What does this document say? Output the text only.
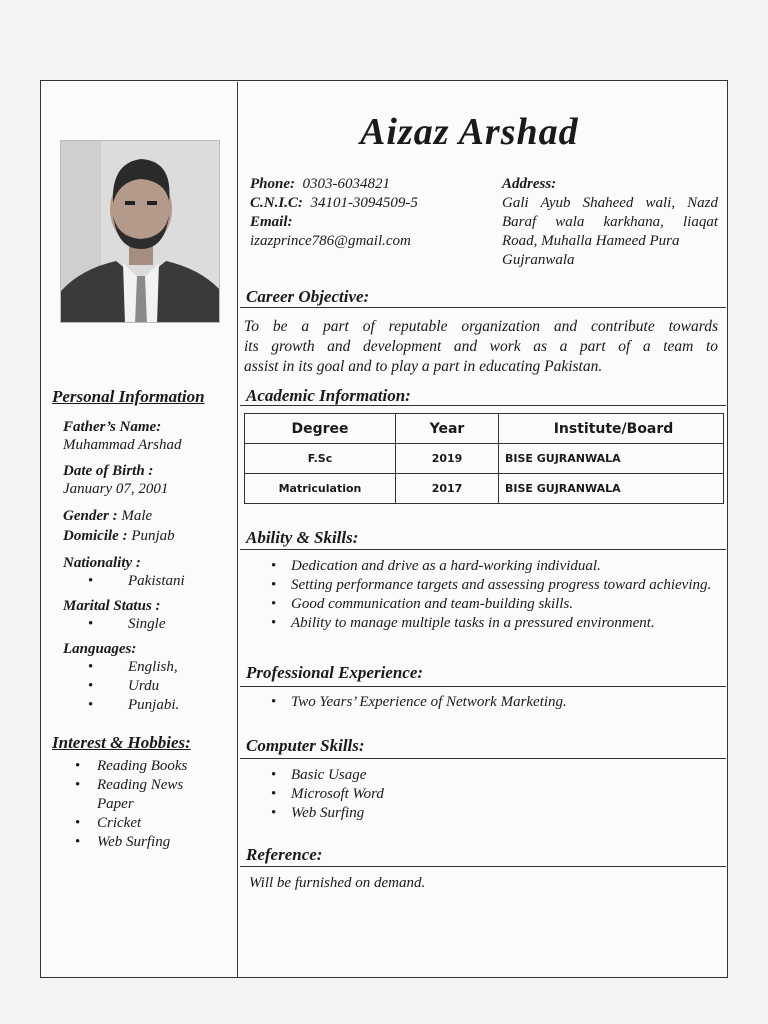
Aizaz Arshad
Phone: 0303-6034821
C.N.I.C: 34101-3094509-5
Email:
izazprince786@gmail.com
Address:
Gali Ayub Shaheed wali, Nazd
Baraf wala karkhana, liaqat
Road, Muhalla Hameed Pura
Gujranwala
Career Objective:
To be a part of reputable organization and contribute towards
its growth and development and work as a part of a team to
assist in its goal and to play a part in educating Pakistan.
Academic Information:
Degree	Year	Institute/Board
F.Sc	2019	BISE GUJRANWALA
Matriculation	2017	BISE GUJRANWALA
Ability & Skills:
• Dedication and drive as a hard-working individual.
• Setting performance targets and assessing progress toward achieving.
• Good communication and team-building skills.
• Ability to manage multiple tasks in a pressured environment.
Professional Experience:
• Two Years’ Experience of Network Marketing.
Computer Skills:
• Basic Usage
• Microsoft Word
• Web Surfing
Reference:
Will be furnished on demand.
Personal Information
Father’s Name:
Muhammad Arshad
Date of Birth :
January 07, 2001
Gender : Male
Domicile : Punjab
Nationality :
• Pakistani
Marital Status :
• Single
Languages:
• English,
• Urdu
• Punjabi.
Interest & Hobbies:
• Reading Books
• Reading News Paper
• Cricket
• Web Surfing
